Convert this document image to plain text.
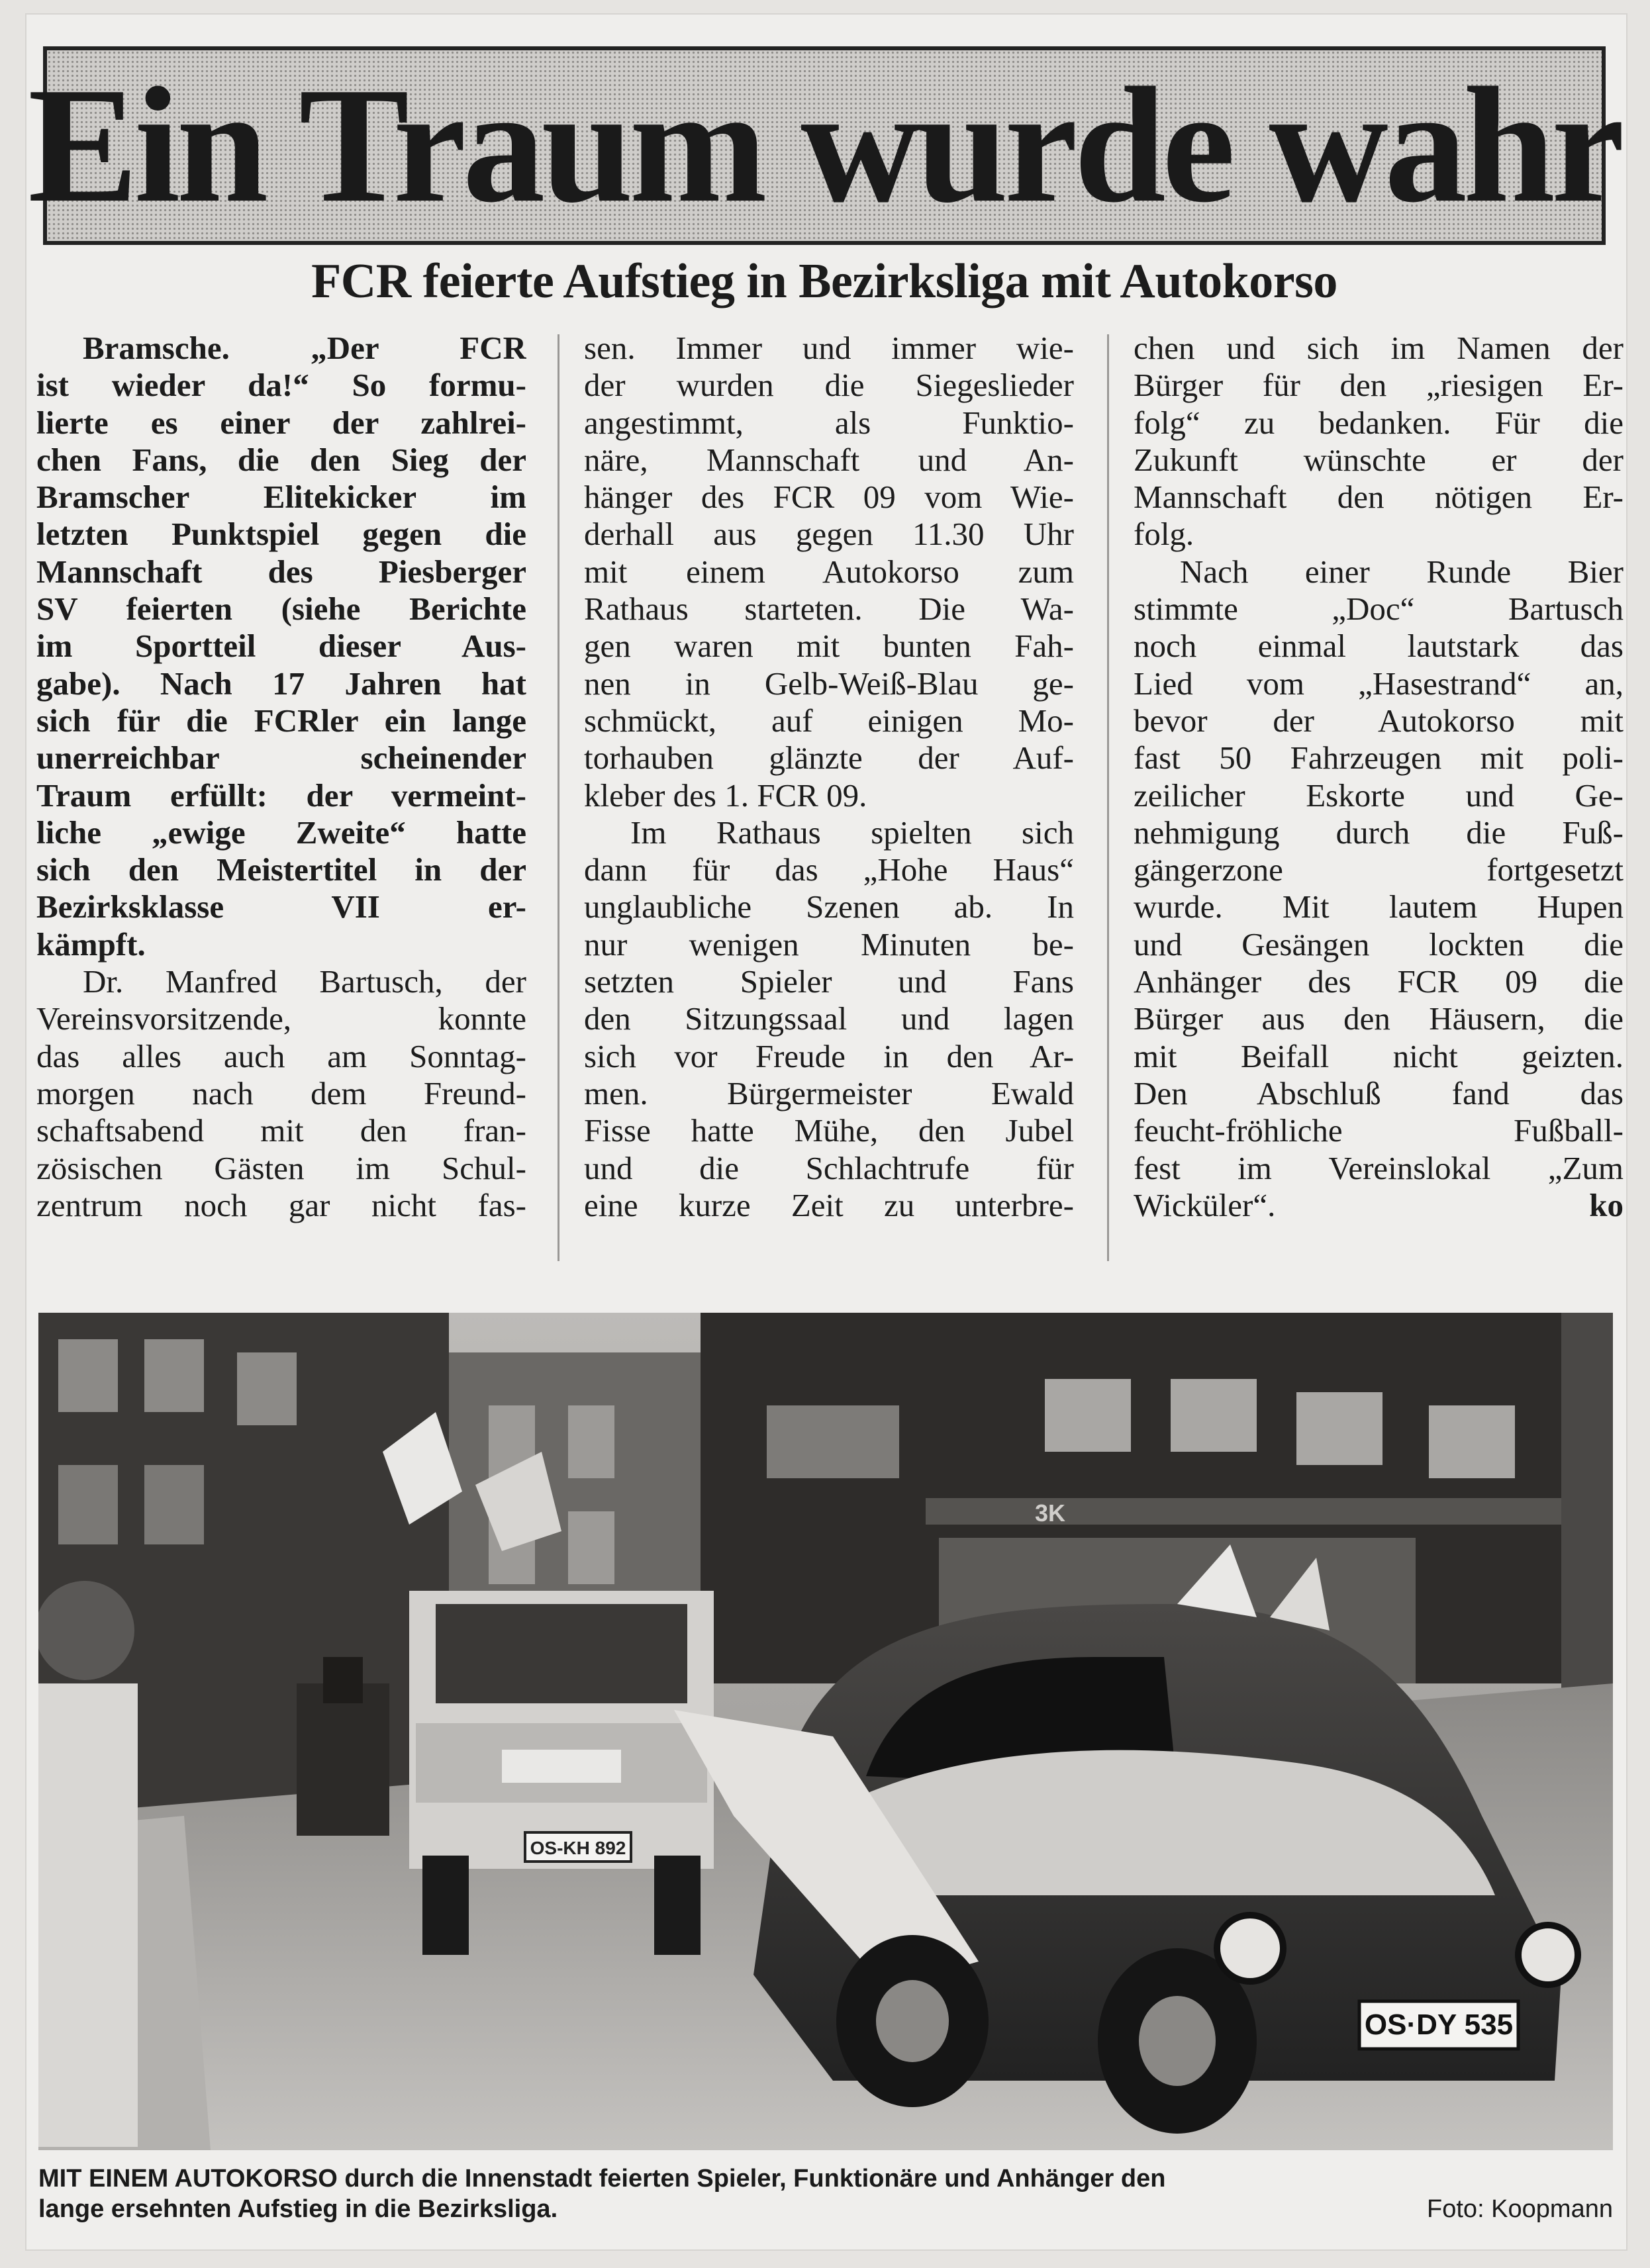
Ein Traum wurde wahr
FCR feierte Aufstieg in Bezirksliga mit Autokorso
Bramsche. „Der FCR
ist wieder da!“ So formu-
lierte es einer der zahlrei-
chen Fans, die den Sieg der
Bramscher Elitekicker im
letzten Punktspiel gegen die
Mannschaft des Piesberger
SV feierten (siehe Berichte
im Sportteil dieser Aus-
gabe). Nach 17 Jahren hat
sich für die FCRler ein lange
unerreichbar scheinender
Traum erfüllt: der vermeint-
liche „ewige Zweite“ hatte
sich den Meistertitel in der
Bezirksklasse VII er-
kämpft.
Dr. Manfred Bartusch, der
Vereinsvorsitzende, konnte
das alles auch am Sonntag-
morgen nach dem Freund-
schaftsabend mit den fran-
zösischen Gästen im Schul-
zentrum noch gar nicht fas-
sen. Immer und immer wie-
der wurden die Siegeslieder
angestimmt, als Funktio-
näre, Mannschaft und An-
hänger des FCR 09 vom Wie-
derhall aus gegen 11.30 Uhr
mit einem Autokorso zum
Rathaus starteten. Die Wa-
gen waren mit bunten Fah-
nen in Gelb-Weiß-Blau ge-
schmückt, auf einigen Mo-
torhauben glänzte der Auf-
kleber des 1. FCR 09.
Im Rathaus spielten sich
dann für das „Hohe Haus“
unglaubliche Szenen ab. In
nur wenigen Minuten be-
setzten Spieler und Fans
den Sitzungssaal und lagen
sich vor Freude in den Ar-
men. Bürgermeister Ewald
Fisse hatte Mühe, den Jubel
und die Schlachtrufe für
eine kurze Zeit zu unterbre-
chen und sich im Namen der
Bürger für den „riesigen Er-
folg“ zu bedanken. Für die
Zukunft wünschte er der
Mannschaft den nötigen Er-
folg.
Nach einer Runde Bier
stimmte „Doc“ Bartusch
noch einmal lautstark das
Lied vom „Hasestrand“ an,
bevor der Autokorso mit
fast 50 Fahrzeugen mit poli-
zeilicher Eskorte und Ge-
nehmigung durch die Fuß-
gängerzone fortgesetzt
wurde. Mit lautem Hupen
und Gesängen lockten die
Anhänger des FCR 09 die
Bürger aus den Häusern, die
mit Beifall nicht geizten.
Den Abschluß fand das
feucht-fröhliche Fußball-
fest im Vereinslokal „Zum
Wicküler“.	ko
3K
OS-KH 892
OS·DY 535
MIT EINEM AUTOKORSO durch die Innenstadt feierten Spieler, Funktionäre und Anhänger den
lange ersehnten Aufstieg in die Bezirksliga.	Foto: Koopmann
